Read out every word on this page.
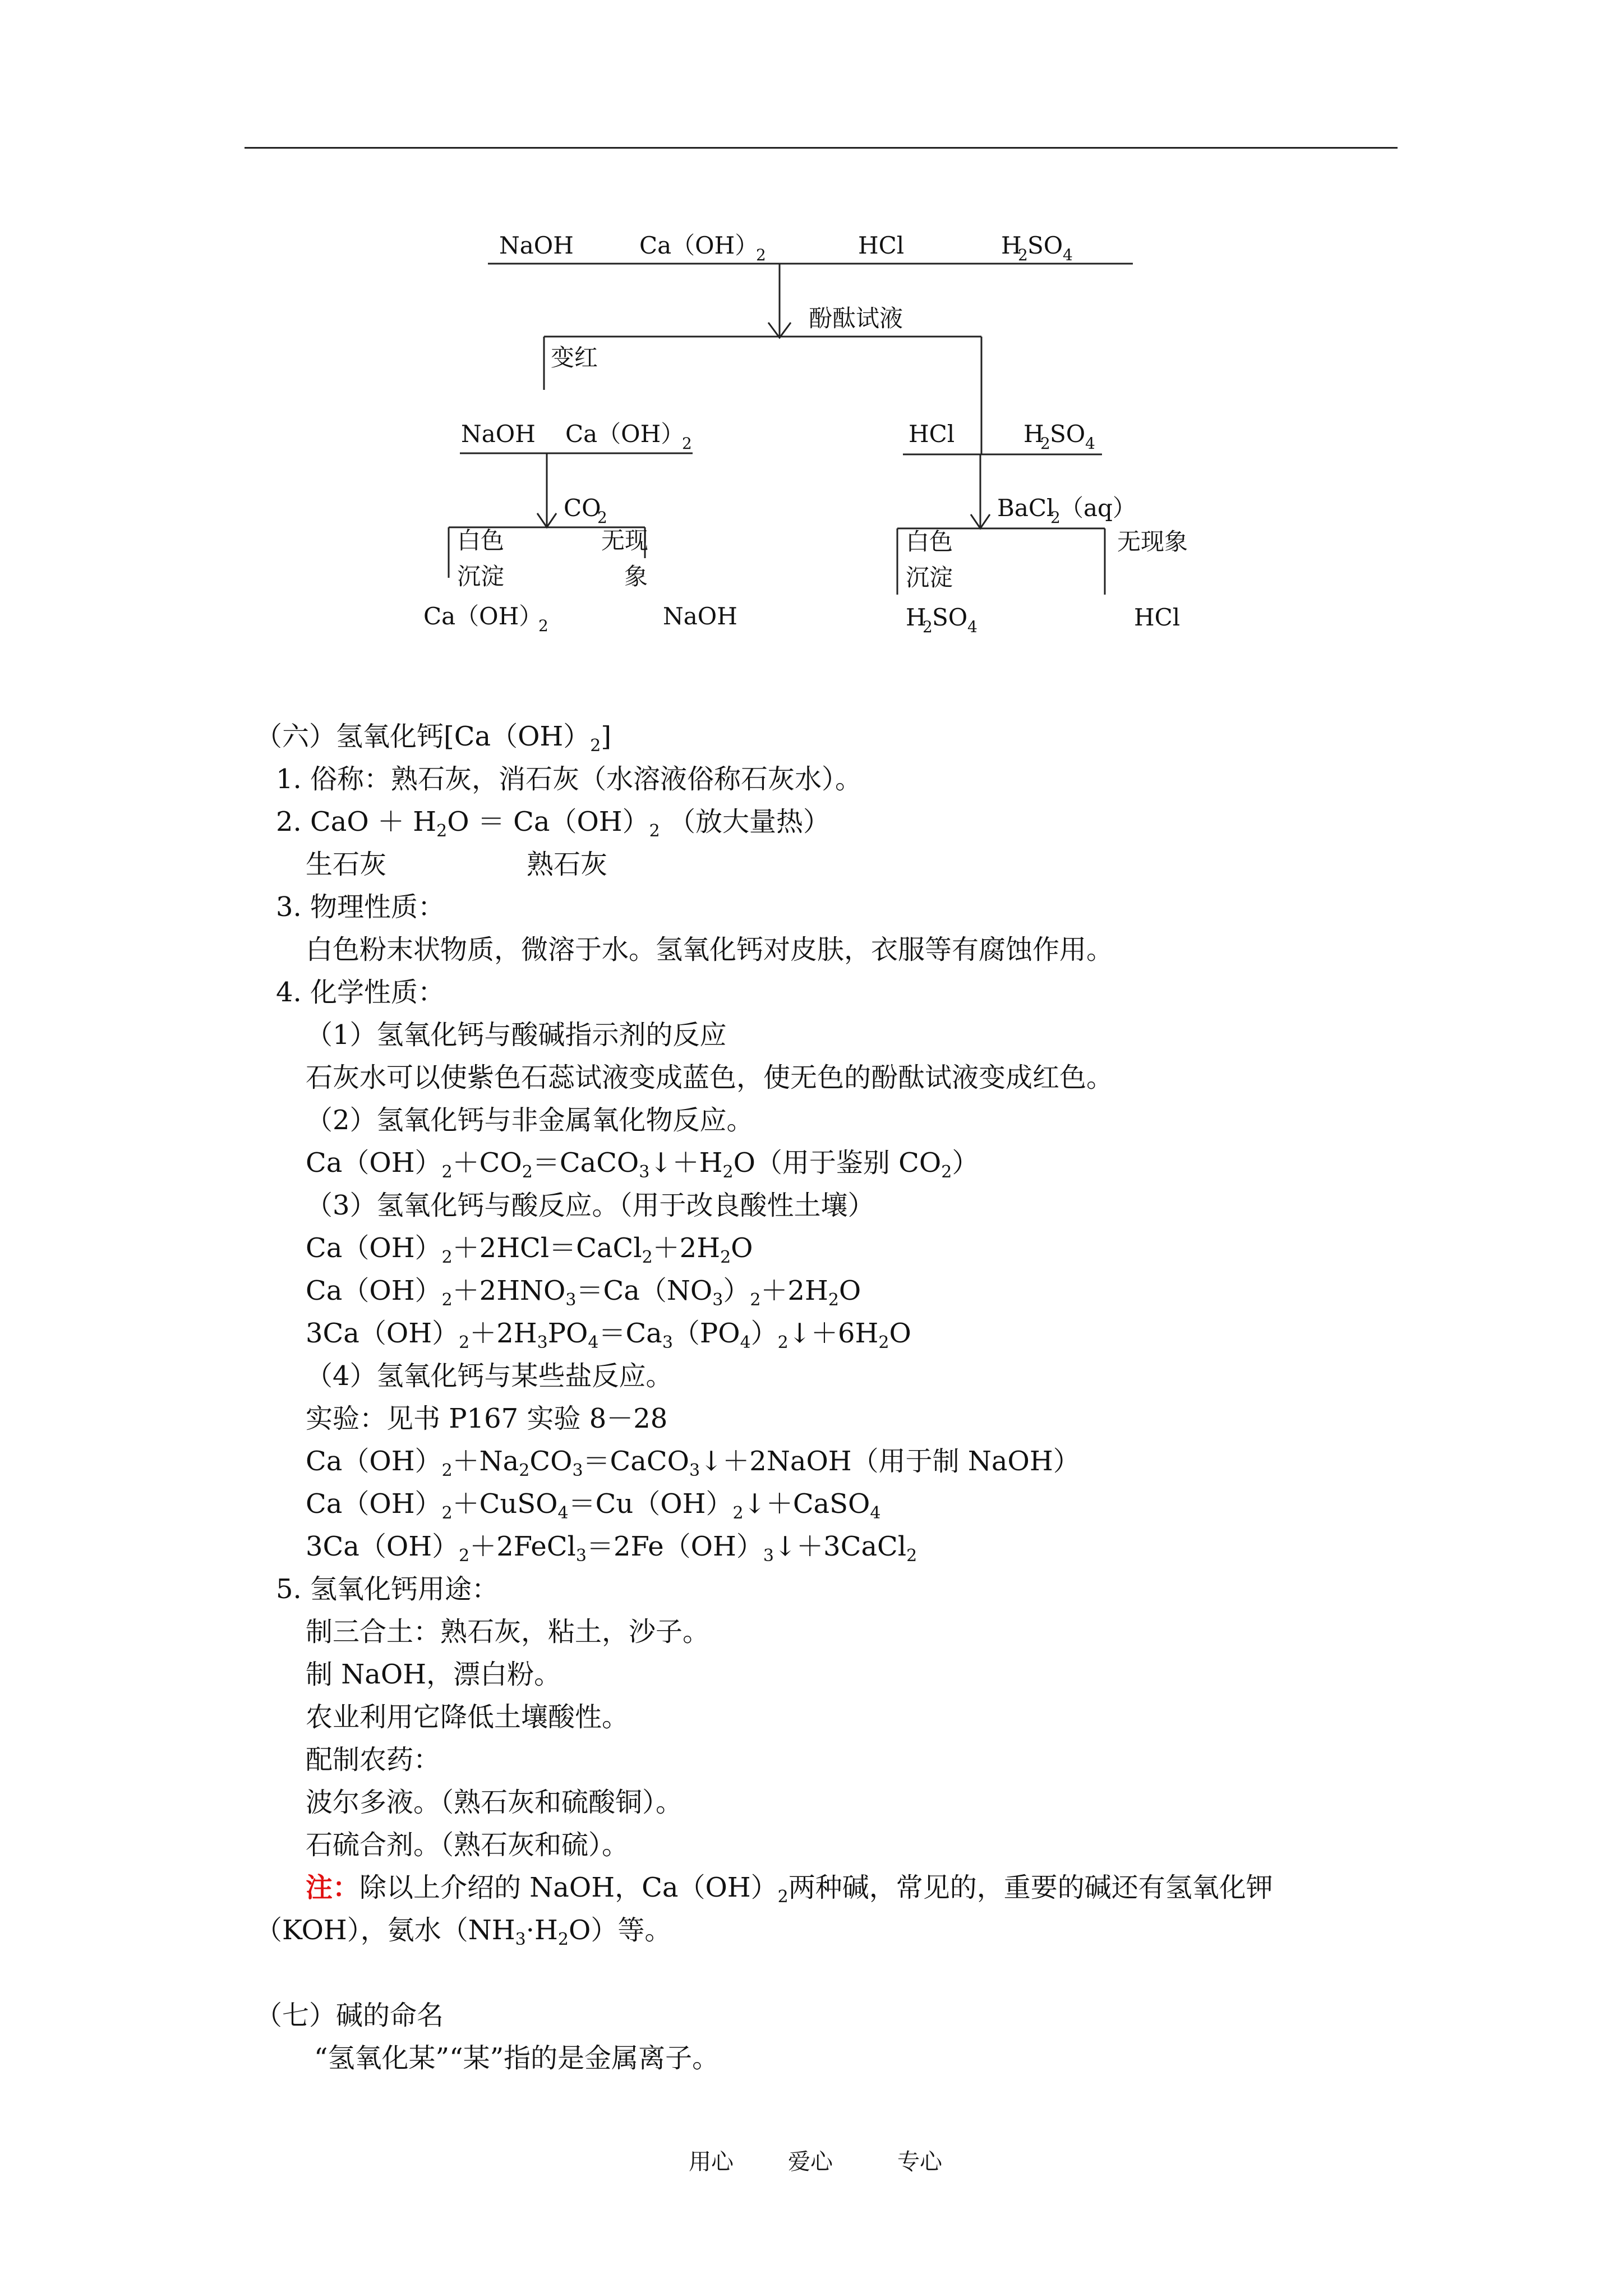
NaOH	Ca（OH）
2	HCl	H
2 SO 4
酚酞试液
变红
NaOH Ca（OH）
2	HCl	H
2 SO 4
CO
2	BaCl
2 （aq）
白色
沉淀
无现
象
白色
沉淀
无现象
Ca（OH）
2	NaOH	H
2 SO 4	HCl
（六）氢氧化钙$[Ca(OH)_2]$
1. 俗称：熟石灰，消石灰（水溶液俗称石灰水）。
2. CaO ＋ $H_2O = Ca(OH)_2$ （放大量热）
生石灰	熟石灰
3. 物理性质：
白色粉末状物质，微溶于水。氢氧化钙对皮肤，衣服等有腐蚀作用。
4. 化学性质：
（1）氢氧化钙与酸碱指示剂的反应
石灰水可以使紫色石蕊试液变成蓝色，使无色的酚酞试液变成红色。
（2）氢氧化钙与非金属氧化物反应。
$Ca(OH)_2+CO_2=CaCO_3↓+H_2O$（用于鉴别 $CO_2$）
（3）氢氧化钙与酸反应。（用于改良酸性土壤）
$Ca(OH)_2+2HCl=CaCl_2+2H_2O$
$Ca(OH)_2+2HNO_3=Ca(NO_3)_2+2H_2O$
$3Ca(OH)_2+2H_3PO_4=Ca_3(PO_4)_2↓+6H_2O$
（4）氢氧化钙与某些盐反应。
实验：见书 P167 实验 8－28
$Ca(OH)_2+Na_2CO_3=CaCO_3↓+2NaOH$（用于制 NaOH）
$Ca(OH)_2+CuSO_4=Cu(OH)_2↓+CaSO_4$
$3Ca(OH)_2+2FeCl_3=2Fe(OH)_3↓+3CaCl_2$
5. 氢氧化钙用途：
制三合土：熟石灰，粘土，沙子。
制 NaOH，漂白粉。
农业利用它降低土壤酸性。
配制农药：
波尔多液。（熟石灰和硫酸铜）。
石硫合剂。（熟石灰和硫）。
注：除以上介绍的 NaOH，$Ca(OH)_2$两种碱，常见的，重要的碱还有氢氧化钾
（KOH），氨水$(NH_3\cdot H_2O)$等。
（七）碱的命名
“氢氧化某”“某”指的是金属离子。
用心 爱心	专心
